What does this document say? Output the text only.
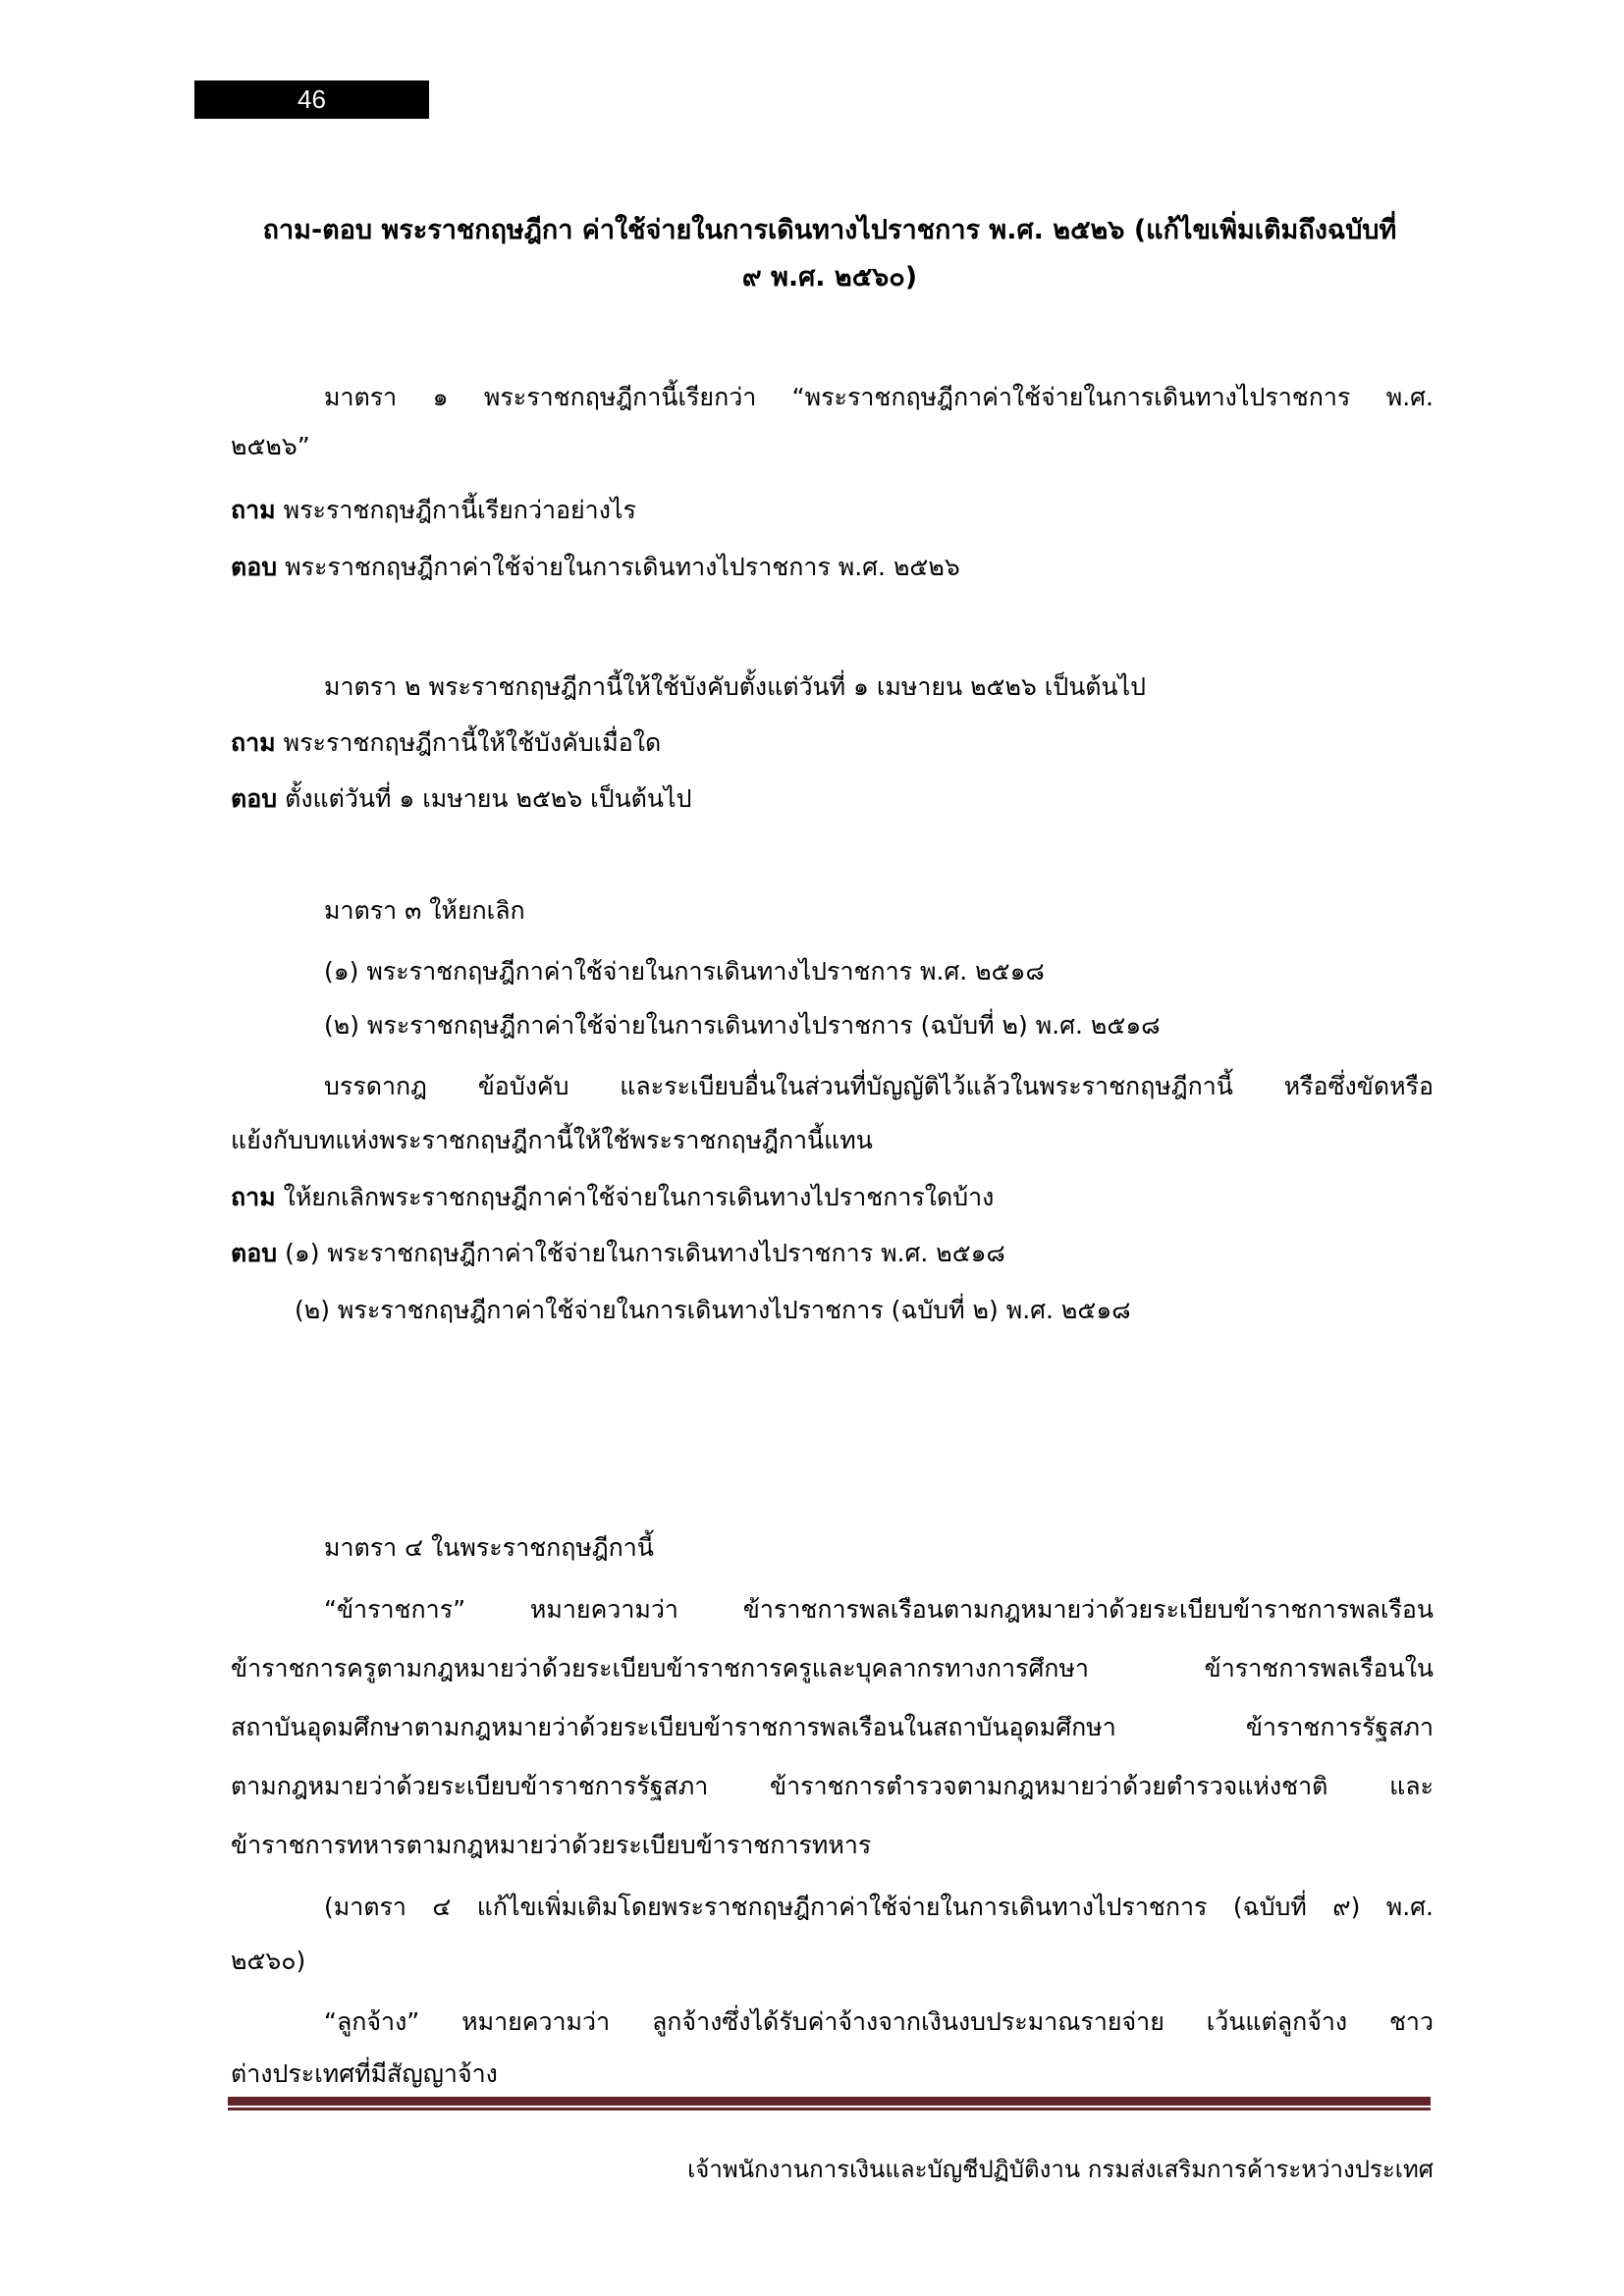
46
ถาม-ตอบ พระราชกฤษฎีกา ค่าใช้จ่ายในการเดินทางไปราชการ พ.ศ. ๒๕๒๖ (แก้ไขเพิ่มเติมถึงฉบับที่
๙ พ.ศ. ๒๕๖๐)
มาตรา ๑ พระราชกฤษฎีกานี้เรียกว่า “พระราชกฤษฎีกาค่าใช้จ่ายในการเดินทางไปราชการ พ.ศ.
๒๕๒๖”
ถาม พระราชกฤษฎีกานี้เรียกว่าอย่างไร
ตอบ พระราชกฤษฎีกาค่าใช้จ่ายในการเดินทางไปราชการ พ.ศ. ๒๕๒๖
มาตรา ๒ พระราชกฤษฎีกานี้ให้ใช้บังคับตั้งแต่วันที่ ๑ เมษายน ๒๕๒๖ เป็นต้นไป
ถาม พระราชกฤษฎีกานี้ให้ใช้บังคับเมื่อใด
ตอบ ตั้งแต่วันที่ ๑ เมษายน ๒๕๒๖ เป็นต้นไป
มาตรา ๓ ให้ยกเลิก
(๑) พระราชกฤษฎีกาค่าใช้จ่ายในการเดินทางไปราชการ พ.ศ. ๒๕๑๘
(๒) พระราชกฤษฎีกาค่าใช้จ่ายในการเดินทางไปราชการ (ฉบับที่ ๒) พ.ศ. ๒๕๑๘
บรรดากฎ ข้อบังคับ และระเบียบอื่นในส่วนที่บัญญัติไว้แล้วในพระราชกฤษฎีกานี้ หรือซึ่งขัดหรือ
แย้งกับบทแห่งพระราชกฤษฎีกานี้ให้ใช้พระราชกฤษฎีกานี้แทน
ถาม ให้ยกเลิกพระราชกฤษฎีกาค่าใช้จ่ายในการเดินทางไปราชการใดบ้าง
ตอบ (๑) พระราชกฤษฎีกาค่าใช้จ่ายในการเดินทางไปราชการ พ.ศ. ๒๕๑๘
(๒) พระราชกฤษฎีกาค่าใช้จ่ายในการเดินทางไปราชการ (ฉบับที่ ๒) พ.ศ. ๒๕๑๘
มาตรา ๔ ในพระราชกฤษฎีกานี้
“ข้าราชการ” หมายความว่า ข้าราชการพลเรือนตามกฎหมายว่าด้วยระเบียบข้าราชการพลเรือน
ข้าราชการครูตามกฎหมายว่าด้วยระเบียบข้าราชการครูและบุคลากรทางการศึกษา ข้าราชการพลเรือนใน
สถาบันอุดมศึกษาตามกฎหมายว่าด้วยระเบียบข้าราชการพลเรือนในสถาบันอุดมศึกษา ข้าราชการรัฐสภา
ตามกฎหมายว่าด้วยระเบียบข้าราชการรัฐสภา ข้าราชการตำรวจตามกฎหมายว่าด้วยตำรวจแห่งชาติ และ
ข้าราชการทหารตามกฎหมายว่าด้วยระเบียบข้าราชการทหาร
(มาตรา ๔ แก้ไขเพิ่มเติมโดยพระราชกฤษฎีกาค่าใช้จ่ายในการเดินทางไปราชการ (ฉบับที่ ๙) พ.ศ.
๒๕๖๐)
“ลูกจ้าง” หมายความว่า ลูกจ้างซึ่งได้รับค่าจ้างจากเงินงบประมาณรายจ่าย เว้นแต่ลูกจ้าง ชาว
ต่างประเทศที่มีสัญญาจ้าง
เจ้าพนักงานการเงินและบัญชีปฏิบัติงาน กรมส่งเสริมการค้าระหว่างประเทศ
